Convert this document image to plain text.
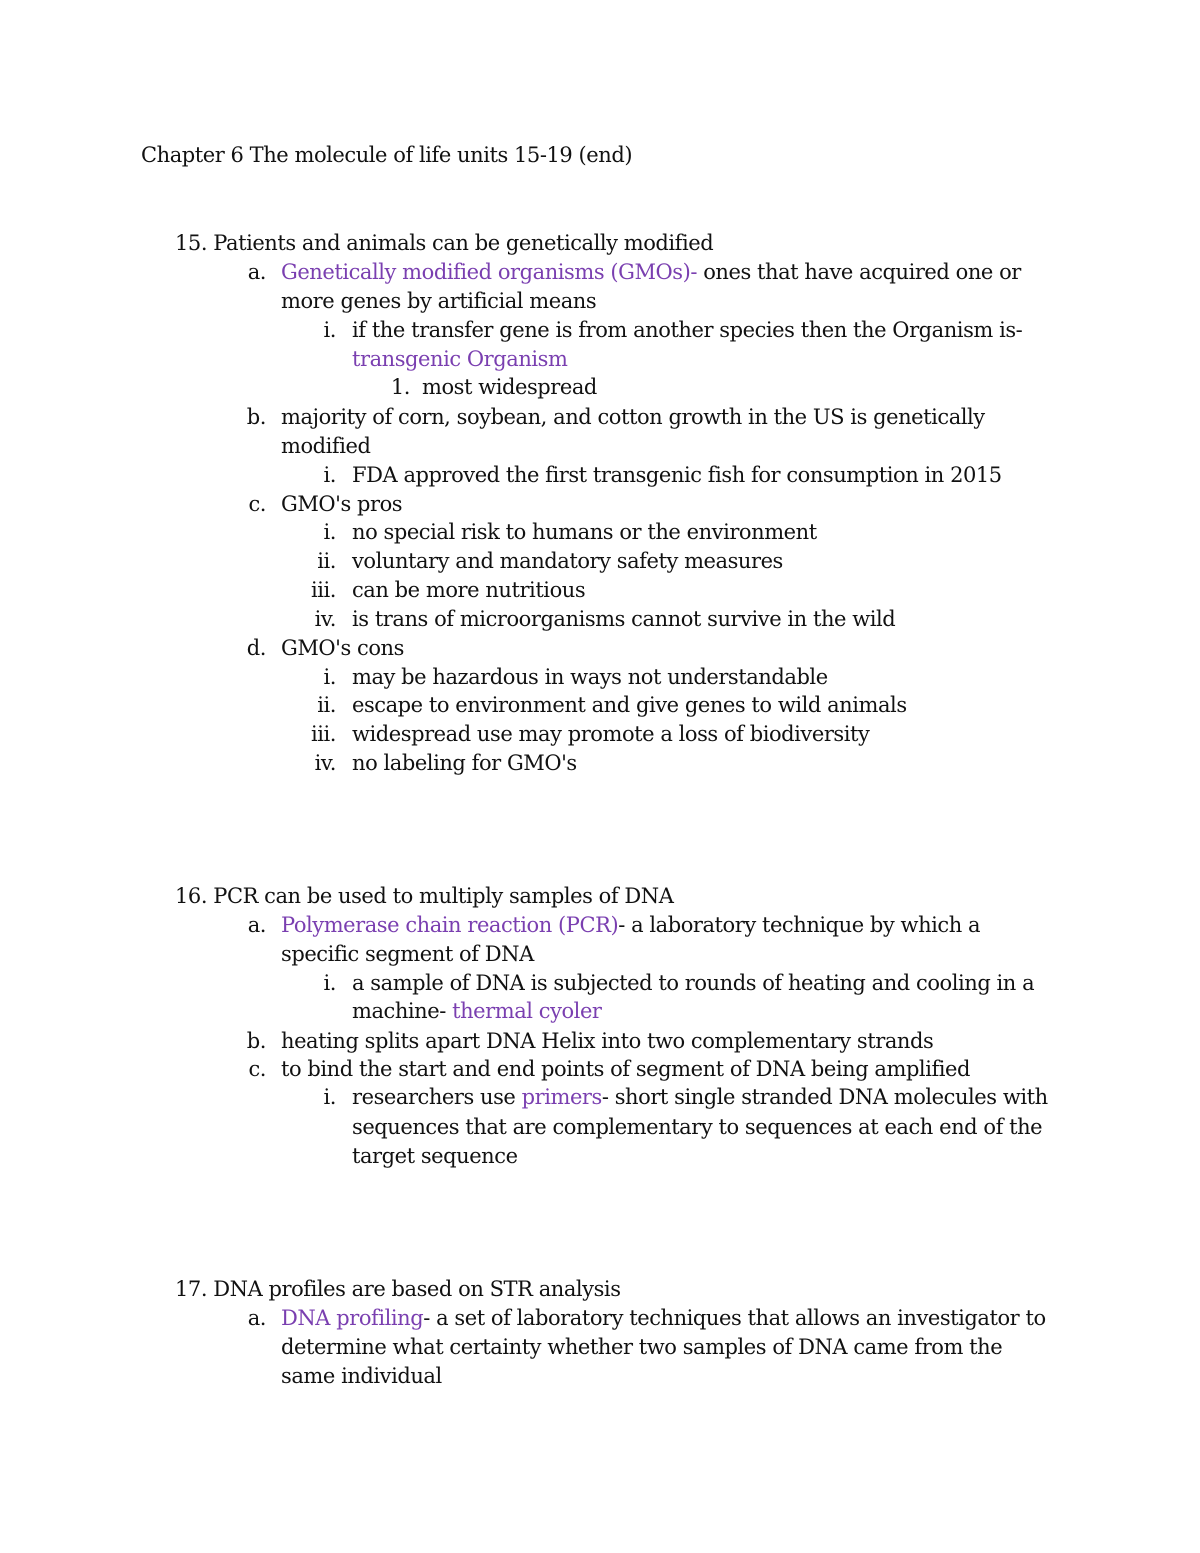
Chapter 6 The molecule of life units 15-19 (end)
15. Patients and animals can be genetically modified
a. Genetically modified organisms (GMOs)- ones that have acquired one or
more genes by artificial means
i. if the transfer gene is from another species then the Organism is-
transgenic Organism
1. most widespread
b. majority of corn, soybean, and cotton growth in the US is genetically
modified
i. FDA approved the first transgenic fish for consumption in 2015
c. GMO's pros
i. no special risk to humans or the environment
ii. voluntary and mandatory safety measures
iii. can be more nutritious
iv. is trans of microorganisms cannot survive in the wild
d. GMO's cons
i. may be hazardous in ways not understandable
ii. escape to environment and give genes to wild animals
iii. widespread use may promote a loss of biodiversity
iv. no labeling for GMO's
16. PCR can be used to multiply samples of DNA
a. Polymerase chain reaction (PCR)- a laboratory technique by which a
specific segment of DNA
i. a sample of DNA is subjected to rounds of heating and cooling in a
machine- thermal cyoler
b. heating splits apart DNA Helix into two complementary strands
c. to bind the start and end points of segment of DNA being amplified
i. researchers use primers- short single stranded DNA molecules with
sequences that are complementary to sequences at each end of the
target sequence
17. DNA profiles are based on STR analysis
a. DNA profiling- a set of laboratory techniques that allows an investigator to
determine what certainty whether two samples of DNA came from the
same individual
